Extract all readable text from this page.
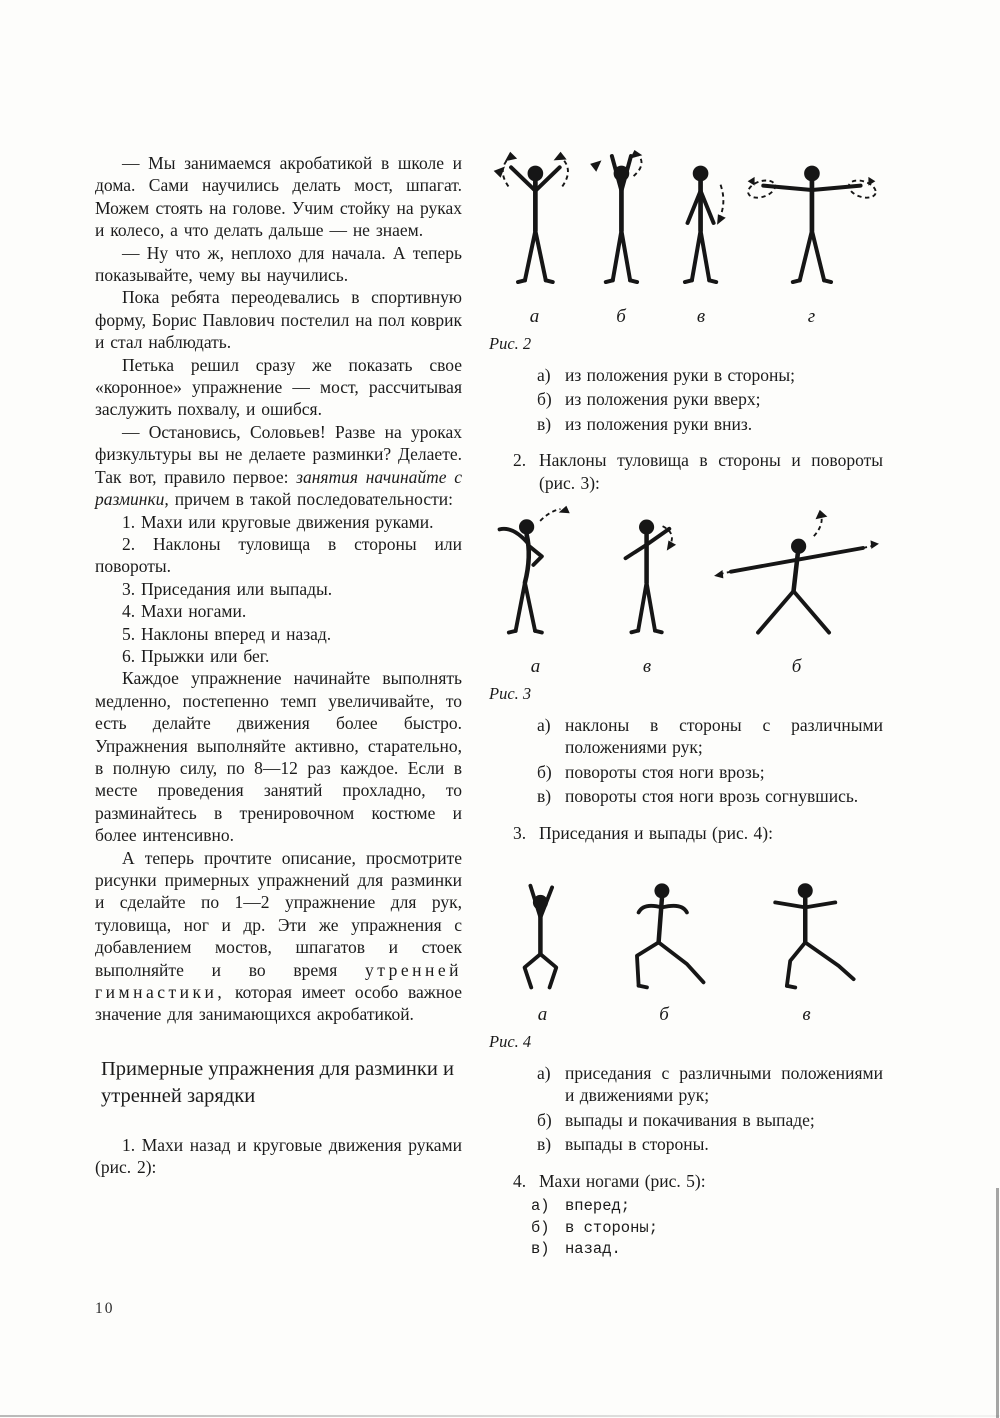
— Мы занимаемся акробатикой в школе и дома. Сами научились делать мост, шпагат. Можем стоять на голове. Учим стойку на руках и колесо, а что делать дальше — не знаем.

— Ну что ж, неплохо для начала. А теперь показывайте, чему вы научились.

Пока ребята переодевались в спортивную форму, Борис Павлович постелил на пол коврик и стал наблюдать.

Петька решил сразу же показать свое «коронное» упражнение — мост, рассчитывая заслужить похвалу, и ошибся.

— Остановись, Соловьев! Разве на уроках физкультуры вы не делаете разминки? Делаете. Так вот, правило первое: занятия начинайте с разминки, причем в такой последовательности:

1. Махи или круговые движения руками.

2. Наклоны туловища в стороны или повороты.

3. Приседания или выпады.

4. Махи ногами.

5. Наклоны вперед и назад.

6. Прыжки или бег.

Каждое упражнение начинайте выполнять медленно, постепенно темп увеличивайте, то есть делайте движения более быстро. Упражнения выполняйте активно, старательно, в полную силу, по 8—12 раз каждое. Если в месте проведения занятий прохладно, то разминайтесь в тренировочном костюме и более интенсивно.

А теперь прочтите описание, просмотрите рисунки примерных упражнений для разминки и сделайте по 1—2 упражнение для рук, туловища, ног и др. Эти же упражнения с добавлением мостов, шпагатов и стоек выполняйте и во время утренней гимнастики, которая имеет особо важное значение для занимающихся акробатикой.

Примерные упражнения для разминки и утренней зарядки

1. Махи назад и круговые движения руками (рис. 2):

а	б	в	г
Рис. 2
а) из положения руки в стороны;
б) из положения руки вверх;
в) из положения руки вниз.
2. Наклоны туловища в стороны и повороты (рис. 3):
а	в	б
Рис. 3
а) наклоны в стороны с различными положениями рук;
б) повороты стоя ноги врозь;
в) повороты стоя ноги врозь согнувшись.
3. Приседания и выпады (рис. 4):
а	б	в
Рис. 4
а) приседания с различными положениями и движениями рук;
б) выпады и покачивания в выпаде;
в) выпады в стороны.
4. Махи ногами (рис. 5):
а) вперед;
б) в стороны;
в) назад.
10
